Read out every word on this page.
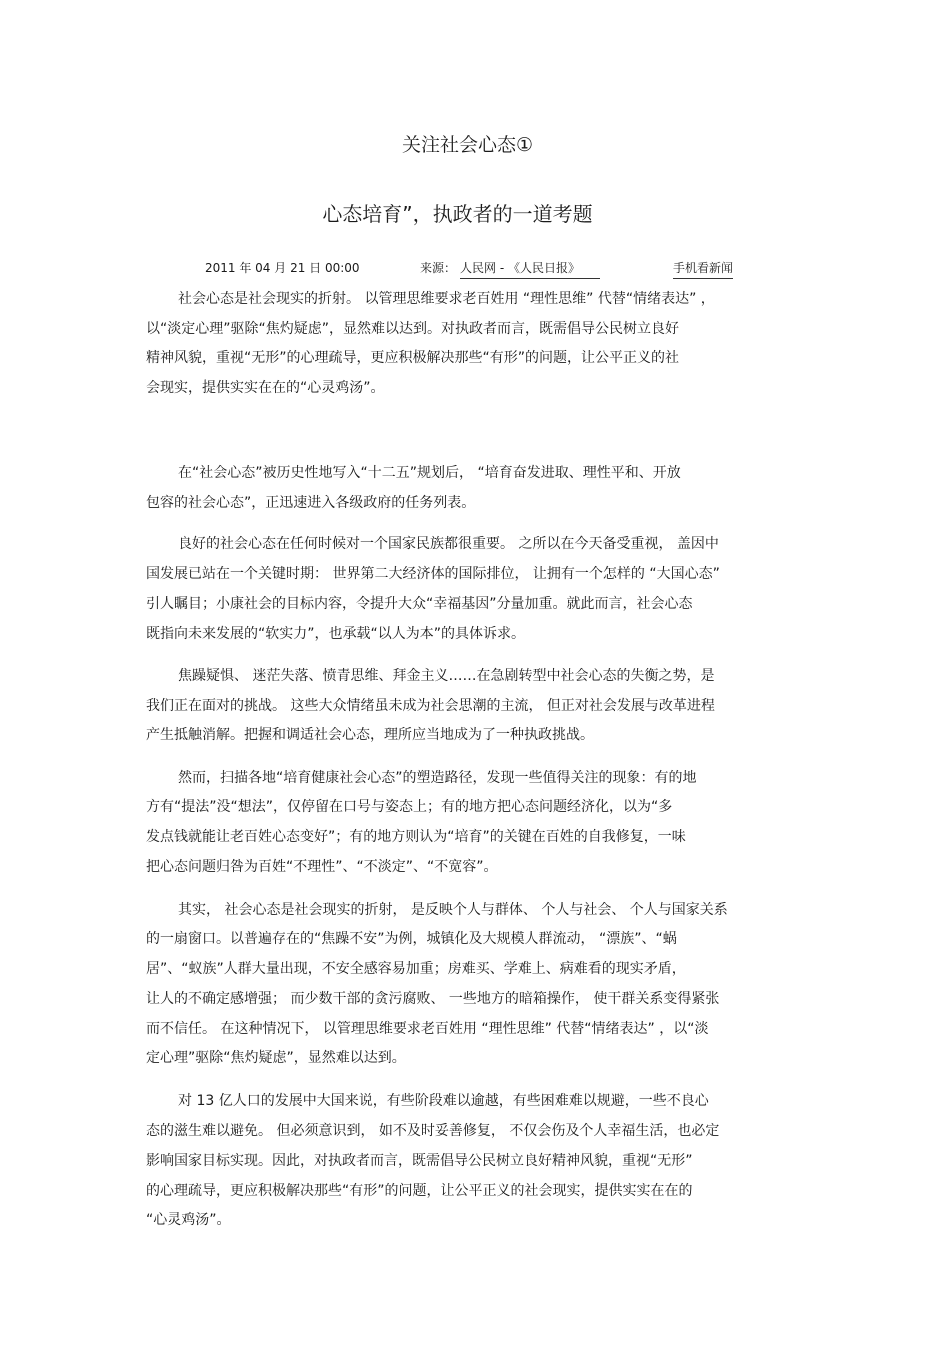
关注社会心态①
心态培育”，执政者的一道考题
2011 年 04 月 21 日 00:00	来源： 人民网 - 《人民日报》	手机看新闻
社会心态是社会现实的折射。 以管理思维要求老百姓用 “理性思维” 代替“情绪表达” ，
以“淡定心理”驱除“焦灼疑虑”，显然难以达到。对执政者而言，既需倡导公民树立良好
精神风貌，重视“无形”的心理疏导，更应积极解决那些“有形”的问题，让公平正义的社
会现实，提供实实在在的“心灵鸡汤”。
在“社会心态”被历史性地写入“十二五”规划后， “培育奋发进取、理性平和、开放
包容的社会心态”，正迅速进入各级政府的任务列表。
良好的社会心态在任何时候对一个国家民族都很重要。 之所以在今天备受重视， 盖因中
国发展已站在一个关键时期： 世界第二大经济体的国际排位， 让拥有一个怎样的 “大国心态”
引人瞩目；小康社会的目标内容，令提升大众“幸福基因”分量加重。就此而言，社会心态
既指向未来发展的“软实力”，也承载“以人为本”的具体诉求。
焦躁疑惧、 迷茫失落、愤青思维、拜金主义……在急剧转型中社会心态的失衡之势，是
我们正在面对的挑战。 这些大众情绪虽未成为社会思潮的主流， 但正对社会发展与改革进程
产生抵触消解。把握和调适社会心态，理所应当地成为了一种执政挑战。
然而，扫描各地“培育健康社会心态”的塑造路径，发现一些值得关注的现象：有的地
方有“提法”没“想法”，仅停留在口号与姿态上；有的地方把心态问题经济化，以为“多
发点钱就能让老百姓心态变好”；有的地方则认为“培育”的关键在百姓的自我修复，一味
把心态问题归咎为百姓“不理性”、“不淡定”、“不宽容”。
其实， 社会心态是社会现实的折射， 是反映个人与群体、 个人与社会、 个人与国家关系
的一扇窗口。以普遍存在的“焦躁不安”为例，城镇化及大规模人群流动， “漂族”、“蜗
居”、“蚁族”人群大量出现，不安全感容易加重；房难买、学难上、病难看的现实矛盾，
让人的不确定感增强； 而少数干部的贪污腐败、 一些地方的暗箱操作， 使干群关系变得紧张
而不信任。 在这种情况下， 以管理思维要求老百姓用 “理性思维” 代替“情绪表达” ，以“淡
定心理”驱除“焦灼疑虑”，显然难以达到。
对 13 亿人口的发展中大国来说，有些阶段难以逾越，有些困难难以规避，一些不良心
态的滋生难以避免。 但必须意识到， 如不及时妥善修复， 不仅会伤及个人幸福生活，也必定
影响国家目标实现。因此，对执政者而言，既需倡导公民树立良好精神风貌，重视“无形”
的心理疏导，更应积极解决那些“有形”的问题，让公平正义的社会现实，提供实实在在的
“心灵鸡汤”。
